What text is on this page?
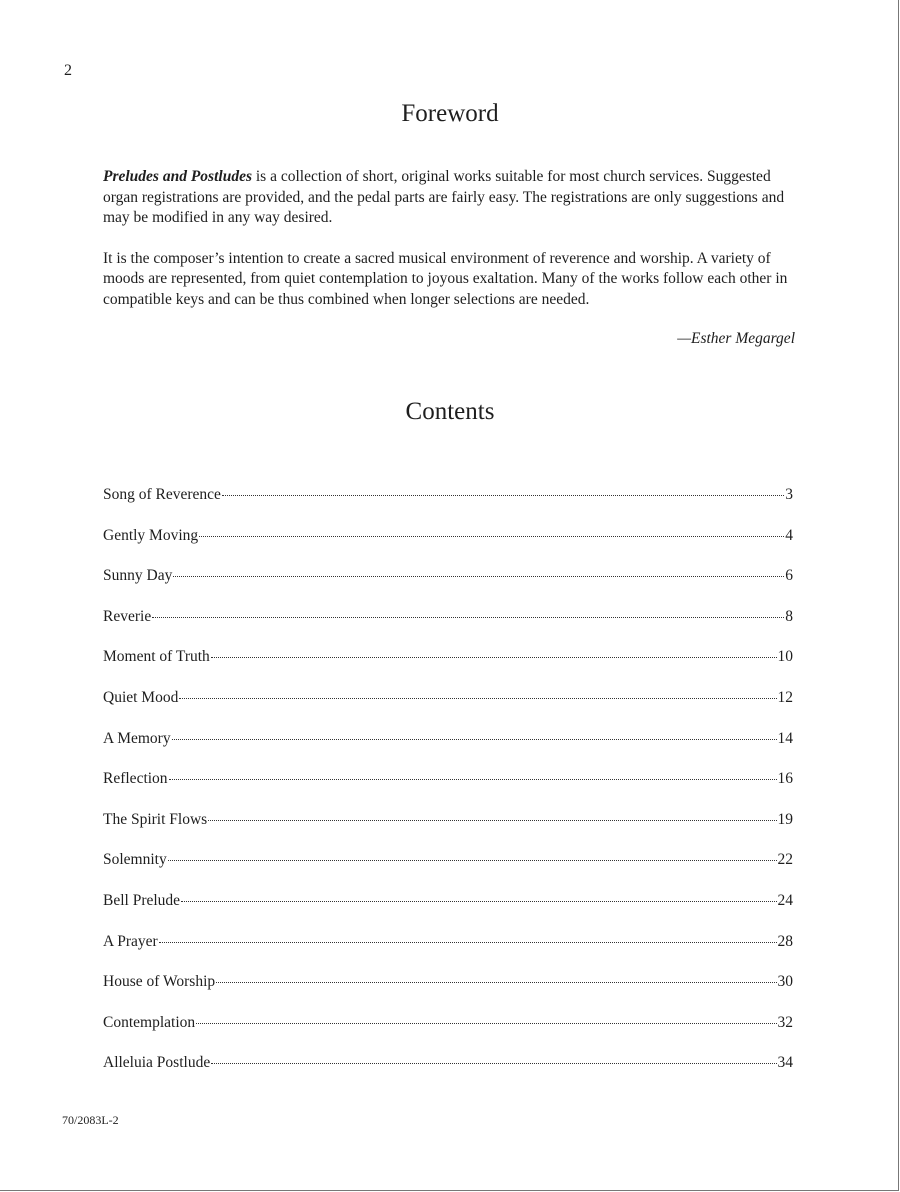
2
Foreword

Preludes and Postludes is a collection of short, original works suitable for most church services. Suggested organ registrations are provided, and the pedal parts are fairly easy. The registrations are only suggestions and may be modified in any way desired.

It is the composer’s intention to create a sacred musical environment of reverence and worship. A variety of moods are represented, from quiet contemplation to joyous exaltation. Many of the works follow each other in compatible keys and can be thus combined when longer selections are needed.

—Esther Megargel
Contents
Song of Reverence	3
Gently Moving	4
Sunny Day	6
Reverie	8
Moment of Truth	10
Quiet Mood	12
A Memory	14
Reflection	16
The Spirit Flows	19
Solemnity	22
Bell Prelude	24
A Prayer	28
House of Worship	30
Contemplation	32
Alleluia Postlude	34
70/2083L-2
